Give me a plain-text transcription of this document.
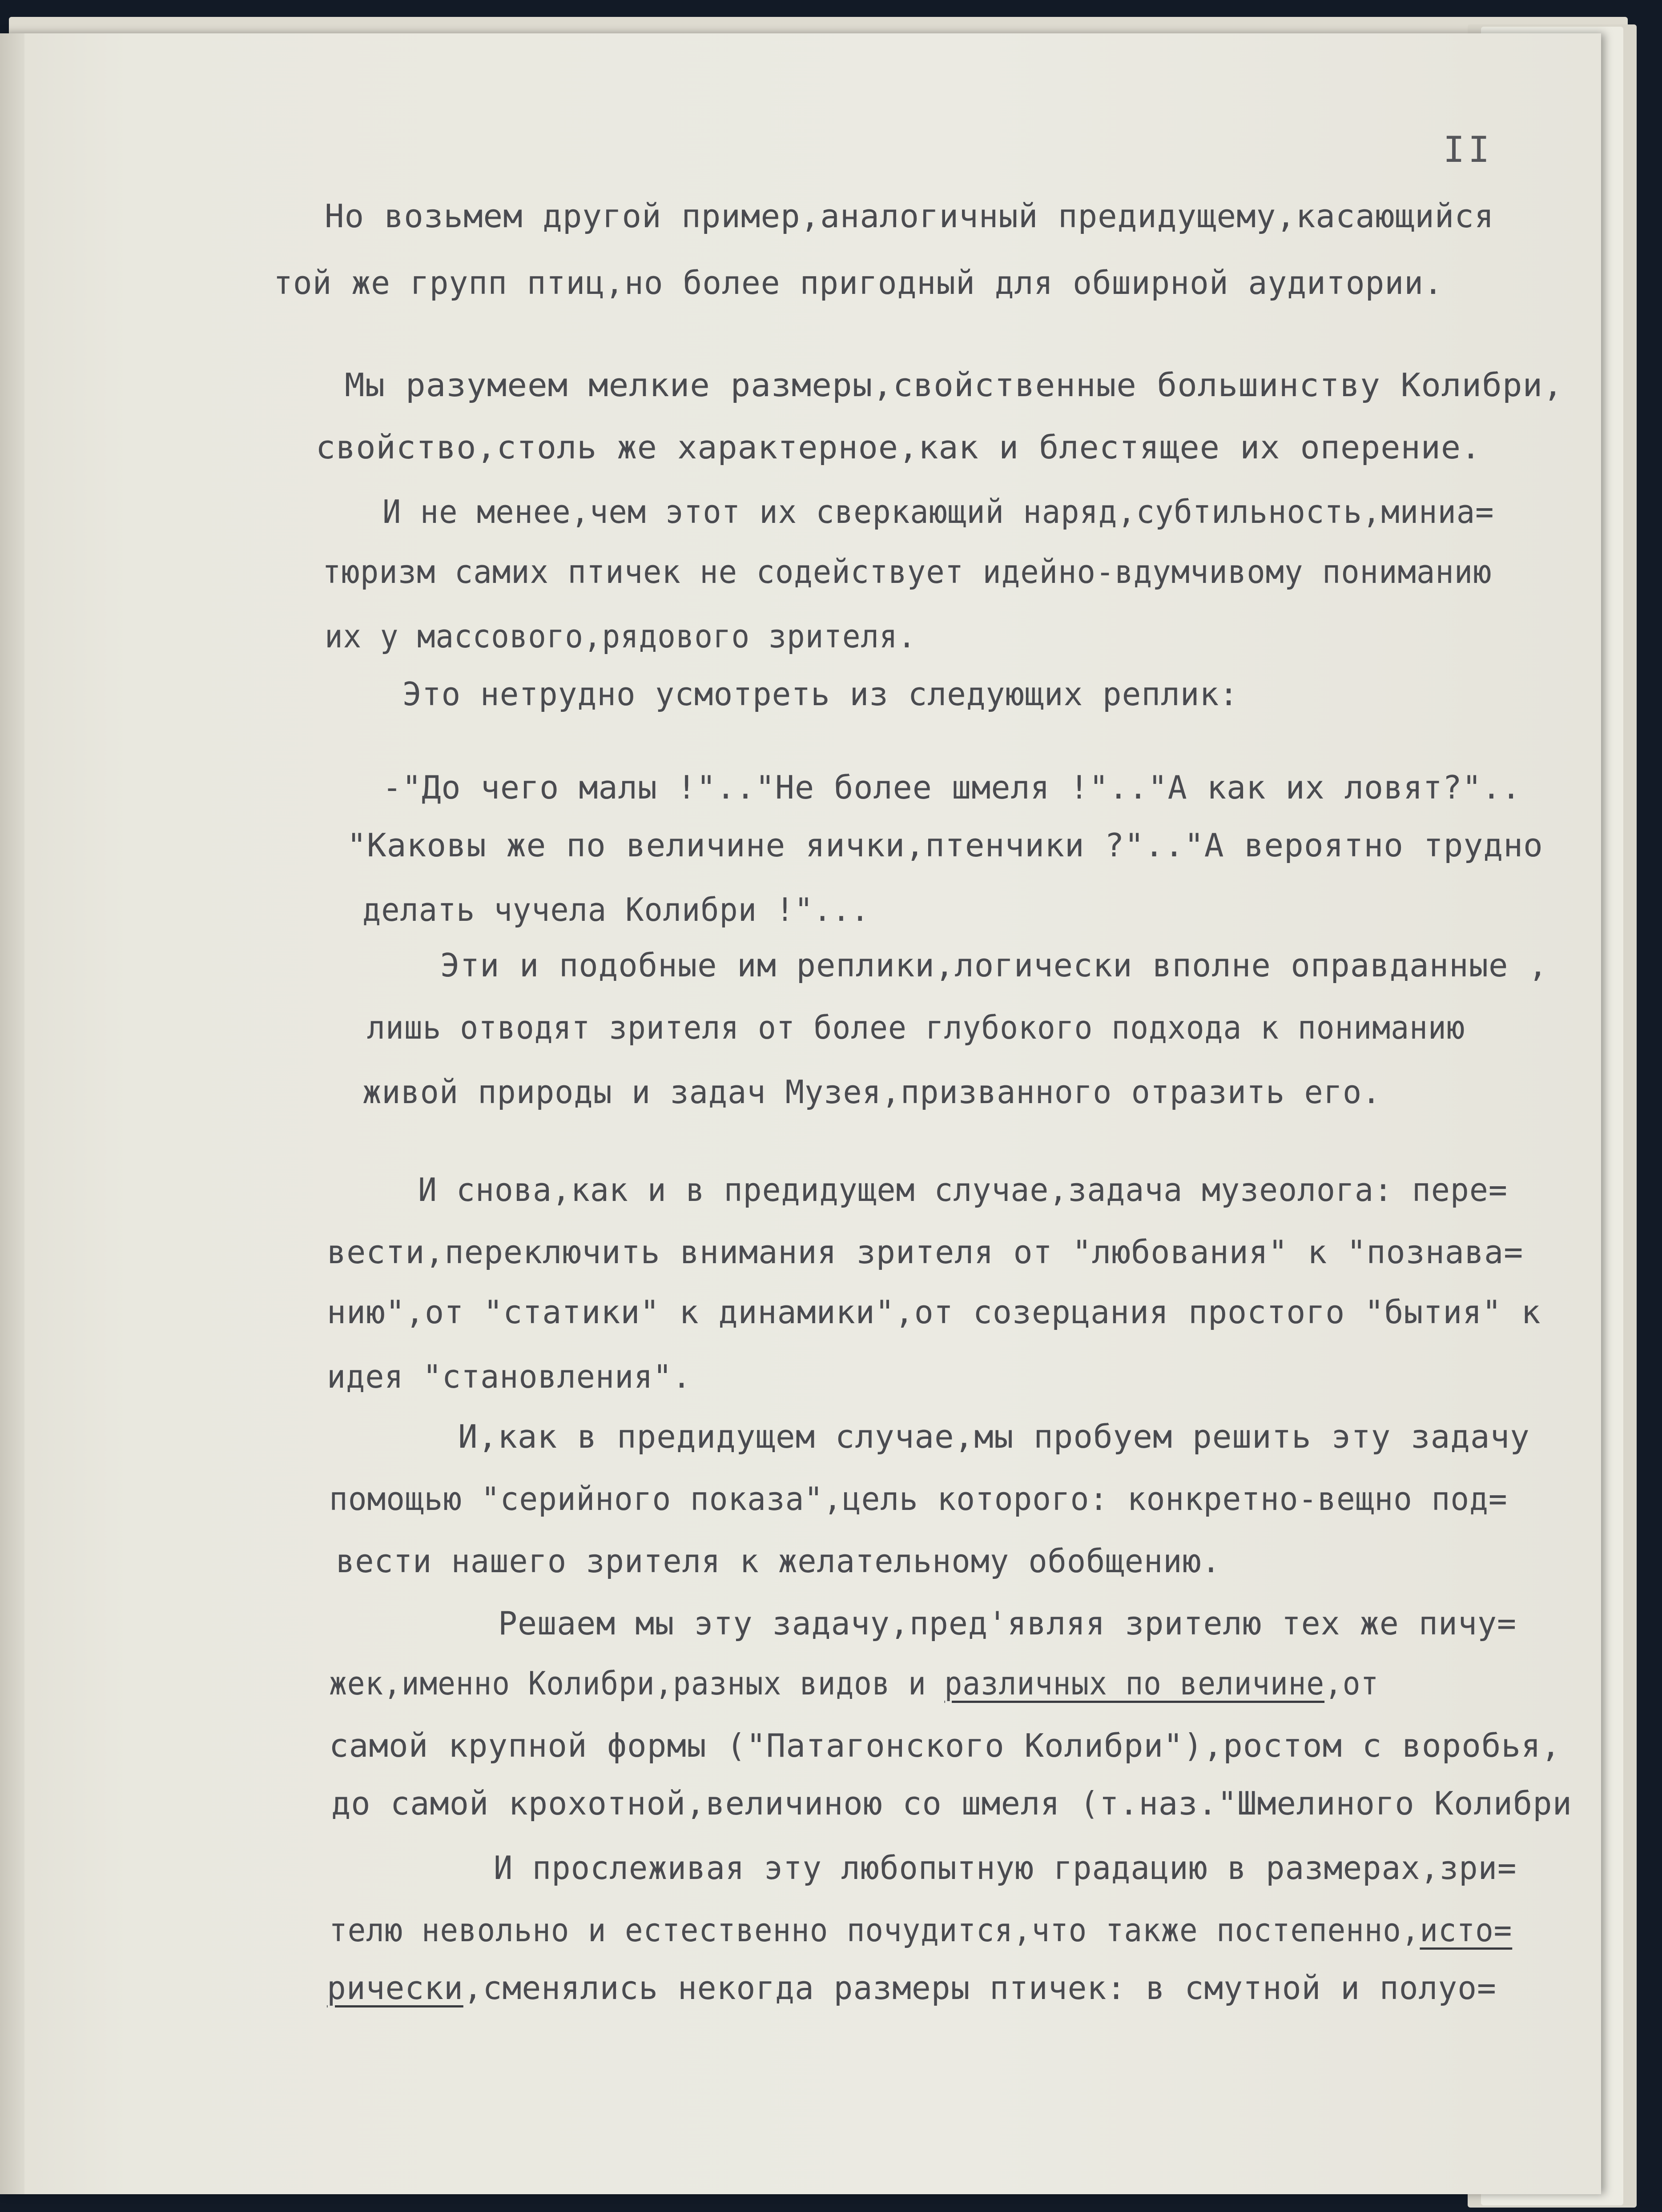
II
Но возьмем другой пример,аналогичный предидущему,касающийся
той же групп птиц,но более пригодный для обширной аудитории.
Мы разумеем мелкие размеры,свойственные большинству Колибри,
свойство,столь же характерное,как и блестящее их оперение.
И не менее,чем этот их сверкающий наряд,субтильность,миниа=
тюризм самих птичек не содействует идейно-вдумчивому пониманию
их у массового,рядового зрителя.
Это нетрудно усмотреть из следующих реплик:
-"До чего малы !".."Не более шмеля !".."А как их ловят?"..
"Каковы же по величине яички,птенчики ?".."А вероятно трудно
делать чучела Колибри !"...
Эти и подобные им реплики,логически вполне оправданные ,
лишь отводят зрителя от более глубокого подхода к пониманию
живой природы и задач Музея,призванного отразить его.
И снова,как и в предидущем случае,задача музеолога: пере=
вести,переключить внимания зрителя от "любования" к "познава=
нию",от "статики" к динамики",от созерцания простого "бытия" к
идея "становления".
И,как в предидущем случае,мы пробуем решить эту задачу
помощью "серийного показа",цель которого: конкретно-вещно под=
вести нашего зрителя к желательному обобщению.
Решаем мы эту задачу,пред'являя зрителю тех же пичу=
жек,именно Колибри,разных видов и различных по величине,от
самой крупной формы ("Патагонского Колибри"),ростом с воробья,
до самой крохотной,величиною со шмеля (т.наз."Шмелиного Колибри
И прослеживая эту любопытную градацию в размерах,зри=
телю невольно и естественно почудится,что также постепенно,исто=
рически,сменялись некогда размеры птичек: в смутной и полуо=
